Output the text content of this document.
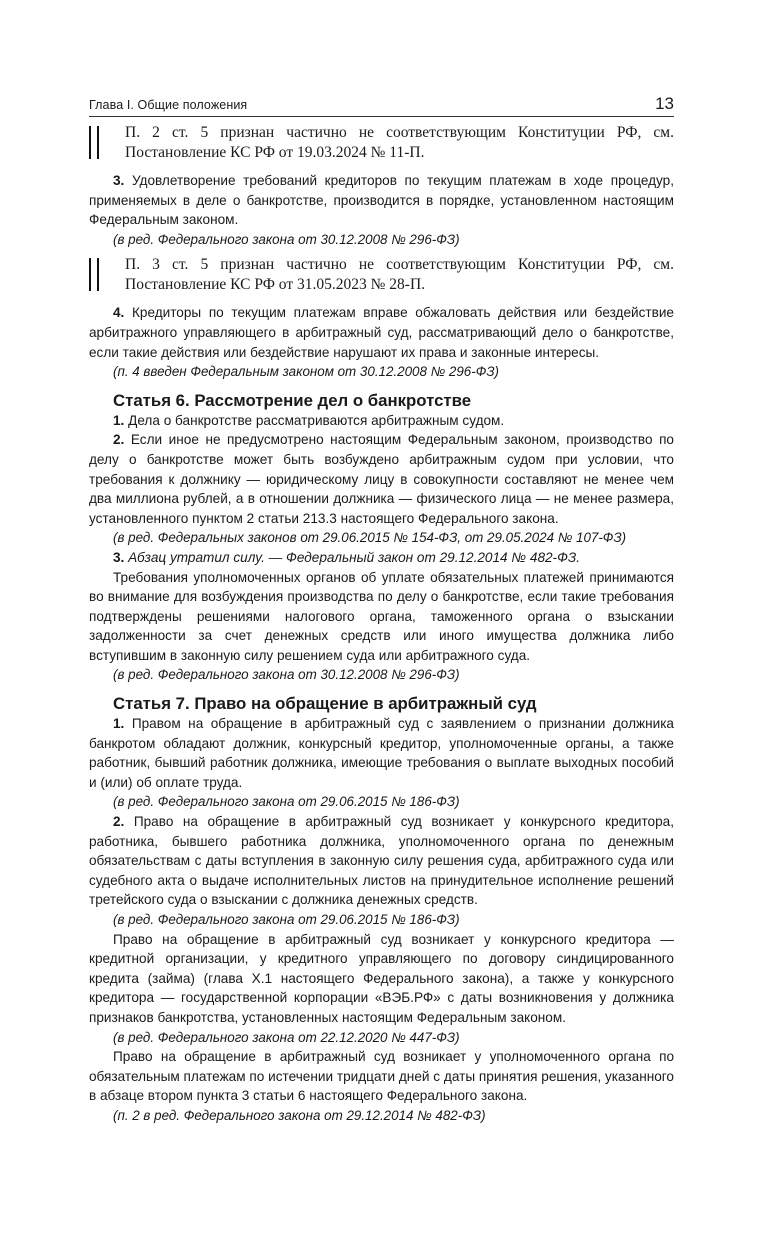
Глава I. Общие положения	13
П. 2 ст. 5 признан частично не соответствующим Конституции РФ, см. Постановление КС РФ от 19.03.2024 № 11-П.

3. Удовлетворение требований кредиторов по текущим платежам в ходе процедур, применяемых в деле о банкротстве, производится в порядке, установленном настоящим Федеральным законом.

(в ред. Федерального закона от 30.12.2008 № 296-ФЗ)

П. 3 ст. 5 признан частично не соответствующим Конституции РФ, см. Постановление КС РФ от 31.05.2023 № 28-П.

4. Кредиторы по текущим платежам вправе обжаловать действия или бездействие арбитражного управляющего в арбитражный суд, рассматривающий дело о банкротстве, если такие действия или бездействие нарушают их права и законные интересы.

(п. 4 введен Федеральным законом от 30.12.2008 № 296-ФЗ)

Статья 6. Рассмотрение дел о банкротстве

1. Дела о банкротстве рассматриваются арбитражным судом.

2. Если иное не предусмотрено настоящим Федеральным законом, производство по делу о банкротстве может быть возбуждено арбитражным судом при условии, что требования к должнику — юридическому лицу в совокупности составляют не менее чем два миллиона рублей, а в отношении должника — физического лица — не менее размера, установленного пунктом 2 статьи 213.3 настоящего Федерального закона.

(в ред. Федеральных законов от 29.06.2015 № 154-ФЗ, от 29.05.2024 № 107-ФЗ)

3. Абзац утратил силу. — Федеральный закон от 29.12.2014 № 482-ФЗ.

Требования уполномоченных органов об уплате обязательных платежей принимаются во внимание для возбуждения производства по делу о банкротстве, если такие требования подтверждены решениями налогового органа, таможенного органа о взыскании задолженности за счет денежных средств или иного имущества должника либо вступившим в законную силу решением суда или арбитражного суда.

(в ред. Федерального закона от 30.12.2008 № 296-ФЗ)

Статья 7. Право на обращение в арбитражный суд

1. Правом на обращение в арбитражный суд с заявлением о признании должника банкротом обладают должник, конкурсный кредитор, уполномоченные органы, а также работник, бывший работник должника, имеющие требования о выплате выходных пособий и (или) об оплате труда.

(в ред. Федерального закона от 29.06.2015 № 186-ФЗ)

2. Право на обращение в арбитражный суд возникает у конкурсного кредитора, работника, бывшего работника должника, уполномоченного органа по денежным обязательствам с даты вступления в законную силу решения суда, арбитражного суда или судебного акта о выдаче исполнительных листов на принудительное исполнение решений третейского суда о взыскании с должника денежных средств.

(в ред. Федерального закона от 29.06.2015 № 186-ФЗ)

Право на обращение в арбитражный суд возникает у конкурсного кредитора — кредитной организации, у кредитного управляющего по договору синдицированного кредита (займа) (глава X.1 настоящего Федерального закона), а также у конкурсного кредитора — государственной корпорации «ВЭБ.РФ» с даты возникновения у должника признаков банкротства, установленных настоящим Федеральным законом.

(в ред. Федерального закона от 22.12.2020 № 447-ФЗ)

Право на обращение в арбитражный суд возникает у уполномоченного органа по обязательным платежам по истечении тридцати дней с даты принятия решения, указанного в абзаце втором пункта 3 статьи 6 настоящего Федерального закона.

(п. 2 в ред. Федерального закона от 29.12.2014 № 482-ФЗ)
